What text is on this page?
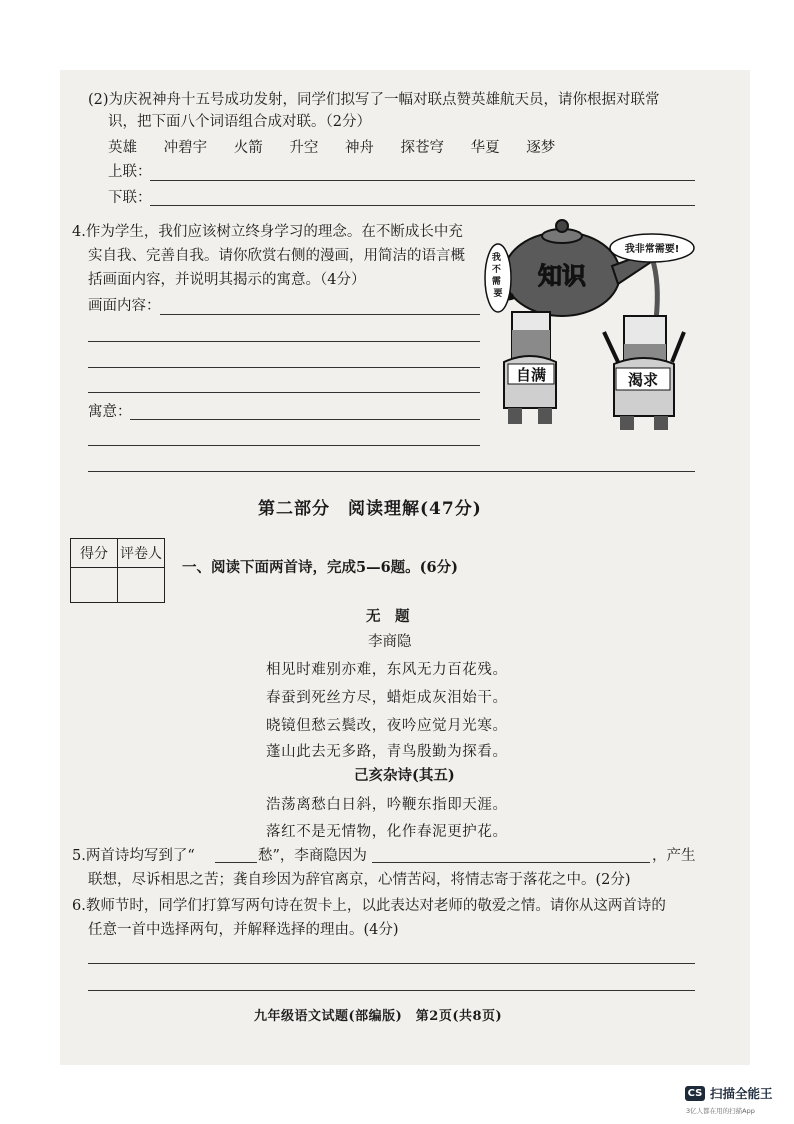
(2)为庆祝神舟十五号成功发射，同学们拟写了一幅对联点赞英雄航天员，请你根据对联常
识，把下面八个词语组合成对联。（2分）
英雄 冲碧宇 火箭 升空 神舟 探苍穹 华夏 逐梦
上联：
下联：
4.作为学生，我们应该树立终身学习的理念。在不断成长中充
实自我、完善自我。请你欣赏右侧的漫画，用简洁的语言概
括画面内容，并说明其揭示的寓意。（4分）
画面内容：
寓意：
知识
我非常需要!
我 不 需 要
自满	渴求
第二部分　阅读理解(47分)
得分	评卷人

一、阅读下面两首诗，完成5—6题。(6分)
无　题
李商隐
相见时难别亦难，东风无力百花残。
春蚕到死丝方尽，蜡炬成灰泪始干。
晓镜但愁云鬓改，夜吟应觉月光寒。
蓬山此去无多路，青鸟殷勤为探看。
己亥杂诗(其五)
浩荡离愁白日斜，吟鞭东指即天涯。
落红不是无情物，化作春泥更护花。
5.两首诗均写到了“	愁”，李商隐因为	，产生
联想，尽诉相思之苦；龚自珍因为辞官离京，心情苦闷，将情志寄于落花之中。(2分)
6.教师节时，同学们打算写两句诗在贺卡上，以此表达对老师的敬爱之情。请你从这两首诗的
任意一首中选择两句，并解释选择的理由。(4分)
九年级语文试题(部编版)　第2页(共8页)
CS 扫描全能王
3亿人都在用的扫描App
